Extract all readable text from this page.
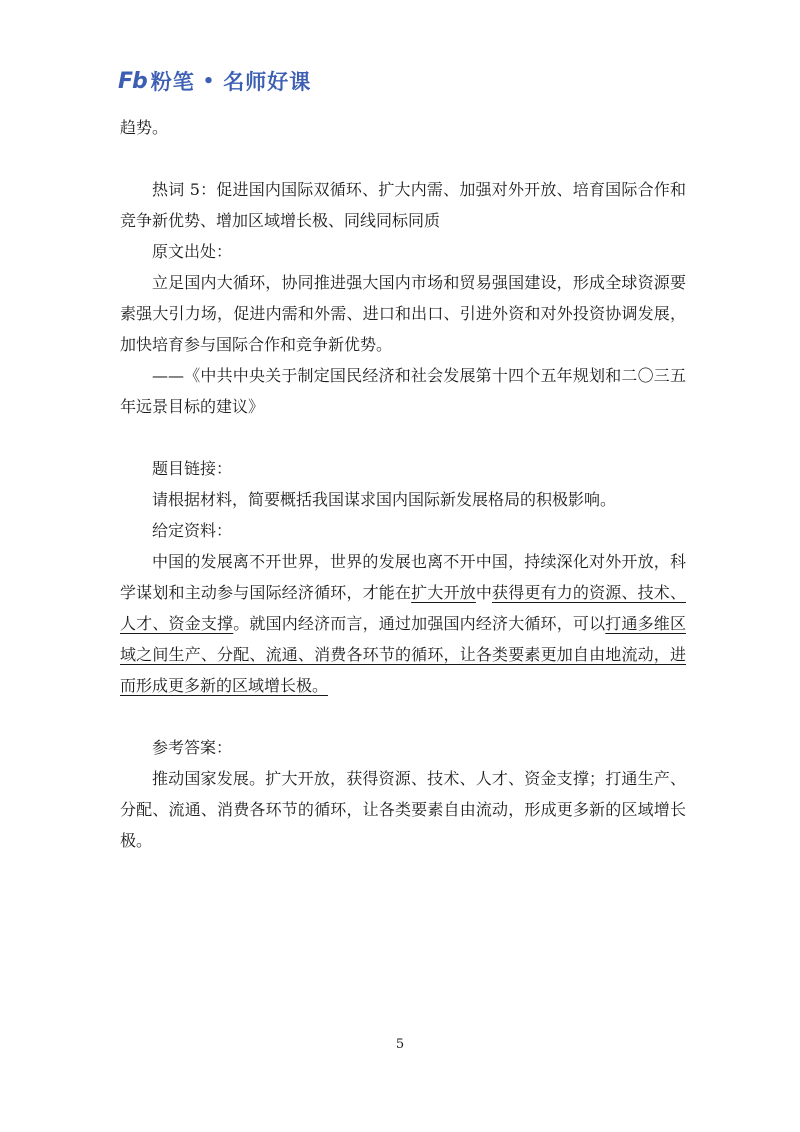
Fb 粉笔 • 名师好课

趋势。

热词 5：促进国内国际双循环、扩大内需、加强对外开放、培育国际合作和竞争新优势、增加区域增长极、同线同标同质

原文出处：

立足国内大循环，协同推进强大国内市场和贸易强国建设，形成全球资源要素强大引力场，促进内需和外需、进口和出口、引进外资和对外投资协调发展，加快培育参与国际合作和竞争新优势。

——《中共中央关于制定国民经济和社会发展第十四个五年规划和二〇三五年远景目标的建议》

题目链接：

请根据材料，简要概括我国谋求国内国际新发展格局的积极影响。

给定资料：

中国的发展离不开世界，世界的发展也离不开中国，持续深化对外开放，科学谋划和主动参与国际经济循环，才能在扩大开放中获得更有力的资源、技术、人才、资金支撑。就国内经济而言，通过加强国内经济大循环，可以打通多维区域之间生产、分配、流通、消费各环节的循环，让各类要素更加自由地流动，进而形成更多新的区域增长极。

参考答案：

推动国家发展。扩大开放，获得资源、技术、人才、资金支撑；打通生产、分配、流通、消费各环节的循环，让各类要素自由流动，形成更多新的区域增长极。

5
